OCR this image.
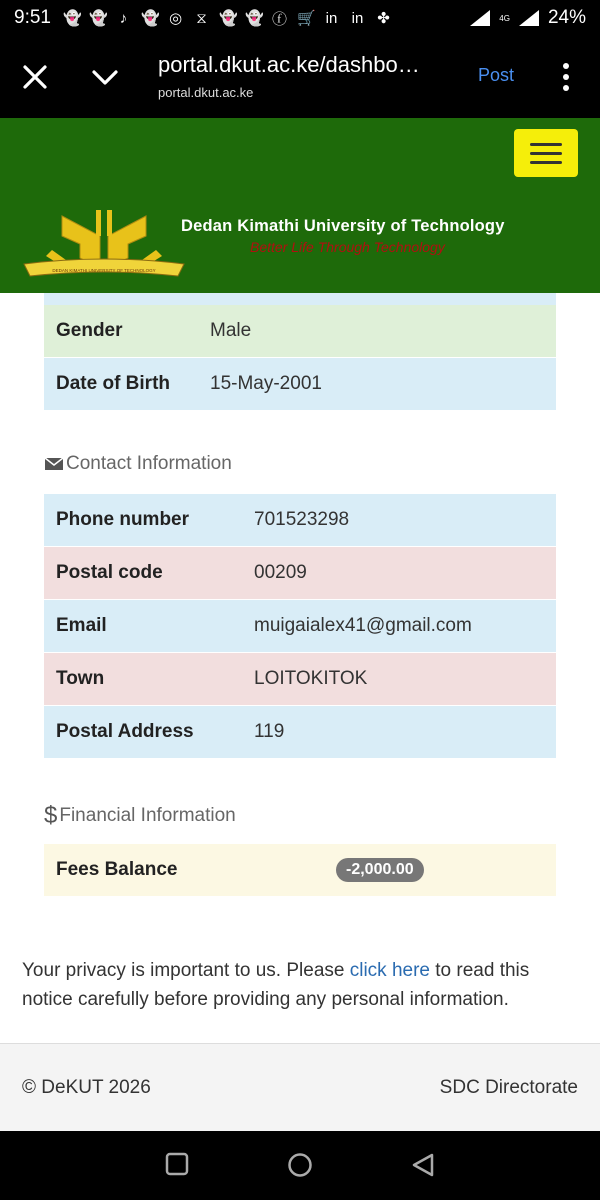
9:51 👻 👻 ♪ 👻 ◎ ⧖ 👻 👻 ⓕ 🛒 in in ✤	4G 24%
portal.dkut.ac.ke/dashbo…
portal.dkut.ac.ke
Post
DEDAN KIMATHI UNIVERSITY OF TECHNOLOGY
Dedan Kimathi University of Technology
Better Life Through Technology
Gender	Male
Date of Birth	15-May-2001
Contact Information
Phone number	701523298
Postal code	00209
Email	muigaialex41@gmail.com
Town	LOITOKITOK
Postal Address	119
$ Financial Information
Fees Balance	-2,000.00

Your privacy is important to us. Please click here to read this notice carefully before providing any personal information.

© DeKUT 2026	SDC Directorate
